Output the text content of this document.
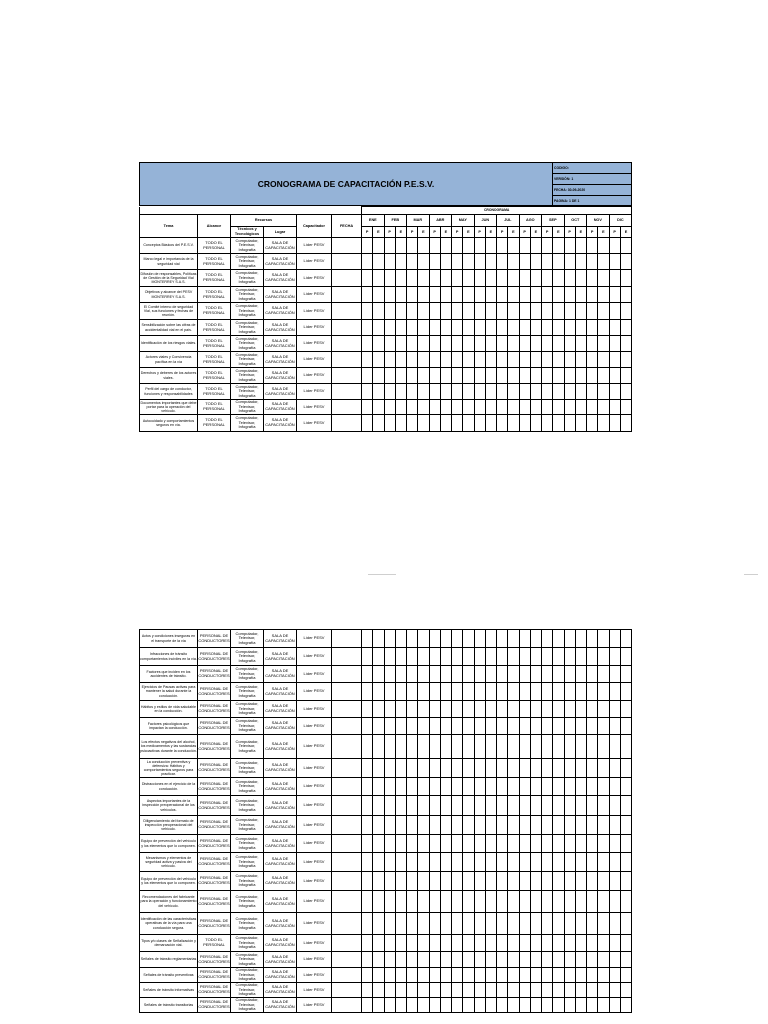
CRONOGRAMA DE CAPACITACIÓN P.E.S.V.	CODIGO:
VERSIÓN: 1
FECHA: 30-09-2020
PAGINA: 1 DE 1
						CRONOGRAMA																							
Tema	Alcance	Recursos		Capacitador	FECHA	ENE		FEB		MAR		ABR		MAY		JUN		JUL		AGO		SEP		OCT		NOV		DIC	
		Técnicos y Tecnológicos	Lugar			P	E	P	E	P	E	P	E	P	E	P	E	P	E	P	E	P	E	P	E	P	E	P	E
Conceptos Básicos del P.E.S.V.	TODO EL PERSONAL	Computador, Televisor, Infografía	SALA DE CAPACITACIÓN	Líder PESV																									
Marco legal e importancia de la seguridad vial	TODO EL PERSONAL	Computador, Televisor, Infografía	SALA DE CAPACITACIÓN	Líder PESV																									
Difusión de responsables, Políticas de Gestión de la Seguridad Vial MONTERREY S.A.S.	TODO EL PERSONAL	Computador, Televisor, Infografía	SALA DE CAPACITACIÓN	Líder PESV																									
Objetivos y alcance del PESV MONTERREY S.A.S.	TODO EL PERSONAL	Computador, Televisor, Infografía	SALA DE CAPACITACIÓN	Líder PESV																									
El Comité interno de seguridad Vial, sus funciones y fechas de reunión.	TODO EL PERSONAL	Computador, Televisor, Infografía	SALA DE CAPACITACIÓN	Líder PESV																									
Sensibilización sobre las cifras de accidentalidad vial en el país.	TODO EL PERSONAL	Computador, Televisor, Infografía	SALA DE CAPACITACIÓN	Líder PESV																									
Identificación de los riesgos viales.	TODO EL PERSONAL	Computador, Televisor, Infografía	SALA DE CAPACITACIÓN	Líder PESV																									
Actores viales y Convivencia pacífica en la vía	TODO EL PERSONAL	Computador, Televisor, Infografía	SALA DE CAPACITACIÓN	Líder PESV																									
Derechos y deberes de los actores viales.	TODO EL PERSONAL	Computador, Televisor, Infografía	SALA DE CAPACITACIÓN	Líder PESV																									
Perfil del cargo de conductor, funciones y responsabilidades	TODO EL PERSONAL	Computador, Televisor, Infografía	SALA DE CAPACITACIÓN	Líder PESV																									
Documentos importantes que debe portar para la operación del vehículo.	TODO EL PERSONAL	Computador, Televisor, Infografía	SALA DE CAPACITACIÓN	Líder PESV																									
Autocuidado y comportamientos seguros en vía.	TODO EL PERSONAL	Computador, Televisor, Infografía	SALA DE CAPACITACIÓN	Líder PESV																									
Actos y condiciones inseguras en el transporte de la vía	PERSONAL DE CONDUCTORES	Computador, Televisor, Infografía	SALA DE CAPACITACIÓN	Líder PESV																									
Infracciones de tránsito comportamientos inciviles en la vía.	PERSONAL DE CONDUCTORES	Computador, Televisor, Infografía	SALA DE CAPACITACIÓN	Líder PESV																									
Factores que inciden en los accidentes de tránsito.	PERSONAL DE CONDUCTORES	Computador, Televisor, Infografía	SALA DE CAPACITACIÓN	Líder PESV																									
Ejercicios de Pausas activas para mantener la salud durante la conducción.	PERSONAL DE CONDUCTORES	Computador, Televisor, Infografía	SALA DE CAPACITACIÓN	Líder PESV																									
Hábitos y estilos de vida saludable en la conducción.	PERSONAL DE CONDUCTORES	Computador, Televisor, Infografía	SALA DE CAPACITACIÓN	Líder PESV																									
Factores psicológicos que impactan la conducción.	PERSONAL DE CONDUCTORES	Computador, Televisor, Infografía	SALA DE CAPACITACIÓN	Líder PESV																									
Los efectos negativos del alcohol, los medicamentos y las sustancias psicoactivas durante la conducción.	PERSONAL DE CONDUCTORES	Computador, Televisor, Infografía	SALA DE CAPACITACIÓN	Líder PESV																									
La conducción preventiva y defensiva: Hábitos y comportamientos seguros para practicar.	PERSONAL DE CONDUCTORES	Computador, Televisor, Infografía	SALA DE CAPACITACIÓN	Líder PESV																									
Distracciones en el ejercicio de la conducción.	PERSONAL DE CONDUCTORES	Computador, Televisor, Infografía	SALA DE CAPACITACIÓN	Líder PESV																									
Aspectos importantes de la inspección preoperacional de los vehículos.	PERSONAL DE CONDUCTORES	Computador, Televisor, Infografía	SALA DE CAPACITACIÓN	Líder PESV																									
Diligenciamiento del formato de inspección preoperacional del vehículo.	PERSONAL DE CONDUCTORES	Computador, Televisor, Infografía	SALA DE CAPACITACIÓN	Líder PESV																									
Equipo de prevención del vehículo y los elementos que lo componen.	PERSONAL DE CONDUCTORES	Computador, Televisor, Infografía	SALA DE CAPACITACIÓN	Líder PESV																									
Mecanismos y elementos de seguridad activa y pasiva del vehículo.	PERSONAL DE CONDUCTORES	Computador, Televisor, Infografía	SALA DE CAPACITACIÓN	Líder PESV																									
Equipo de prevención del vehículo y los elementos que lo componen.	PERSONAL DE CONDUCTORES	Computador, Televisor, Infografía	SALA DE CAPACITACIÓN	Líder PESV																									
Recomendaciones del fabricante para la operación y funcionamiento del vehículo.	PERSONAL DE CONDUCTORES	Computador, Televisor, Infografía	SALA DE CAPACITACIÓN	Líder PESV																									
Identificación de las características operativas de la vía para una conducción segura.	PERSONAL DE CONDUCTORES	Computador, Televisor, Infografía	SALA DE CAPACITACIÓN	Líder PESV																									
Tipos y/o clases de Señalización y demarcación vial.	TODO EL PERSONAL	Computador, Televisor, Infografía	SALA DE CAPACITACIÓN	Líder PESV																									
Señales de tránsito reglamentarias	PERSONAL DE CONDUCTORES	Computador, Televisor, Infografía	SALA DE CAPACITACIÓN	Líder PESV																									
Señales de tránsito preventivas	PERSONAL DE CONDUCTORES	Computador, Televisor, Infografía	SALA DE CAPACITACIÓN	Líder PESV																									
Señales de tránsito informativas	PERSONAL DE CONDUCTORES	Computador, Televisor, Infografía	SALA DE CAPACITACIÓN	Líder PESV																									
Señales de tránsito transitorias	PERSONAL DE CONDUCTORES	Computador, Televisor, Infografía	SALA DE CAPACITACIÓN	Líder PESV																									
